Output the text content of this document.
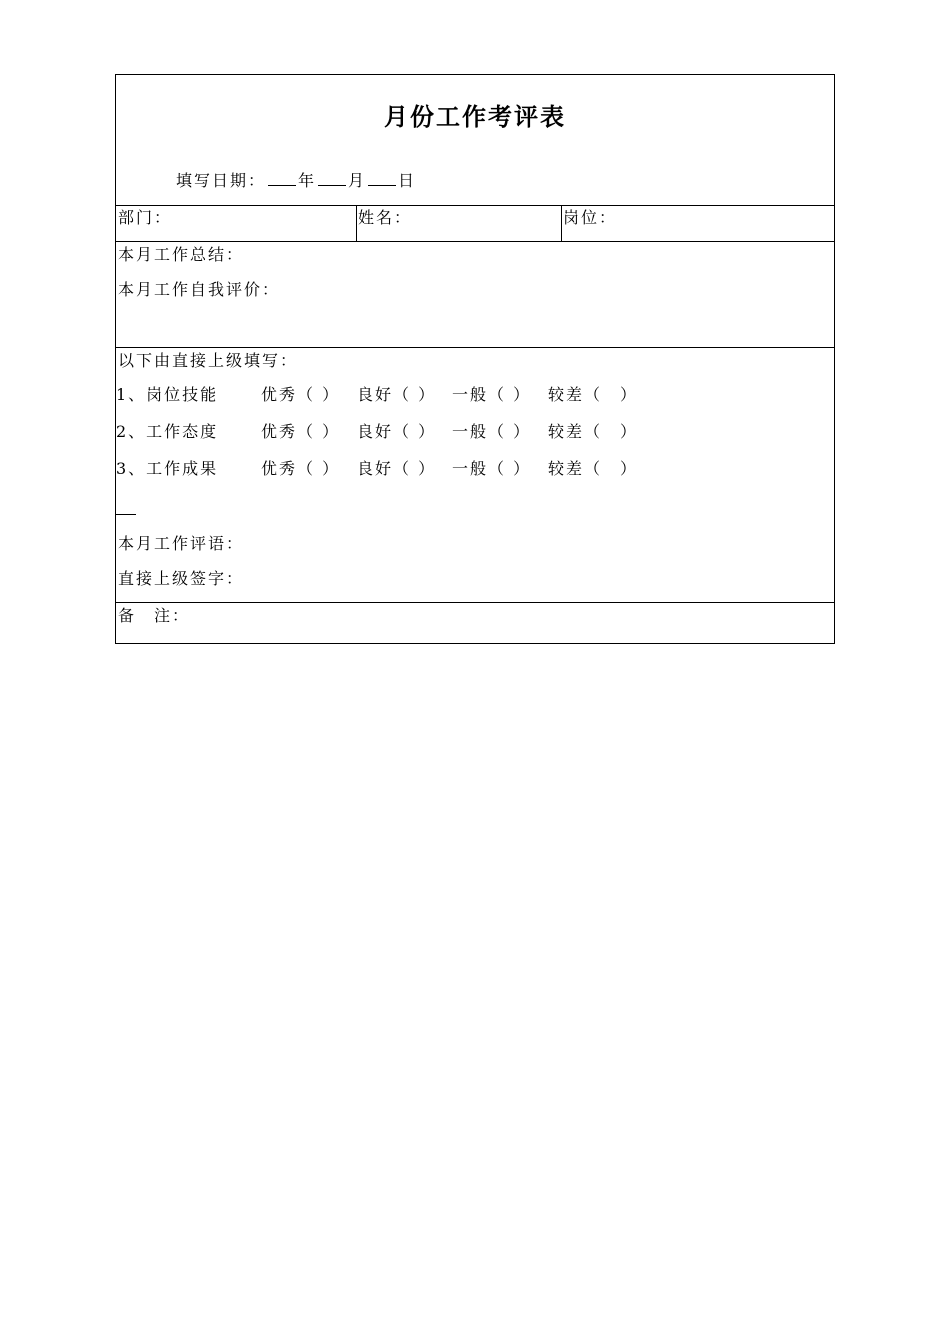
月份工作考评表
填写日期： 年 月 日
部门：	姓名：	岗位：
本月工作总结：
本月工作自我评价：
以下由直接上级填写：
1、岗位技能	优秀（ ） 良好（ ） 一般（ ） 较差（　）
2、工作态度	优秀（ ） 良好（ ） 一般（ ） 较差（　）
3、工作成果	优秀（ ） 良好（ ） 一般（ ） 较差（　）
本月工作评语：
直接上级签字：
备　注：
